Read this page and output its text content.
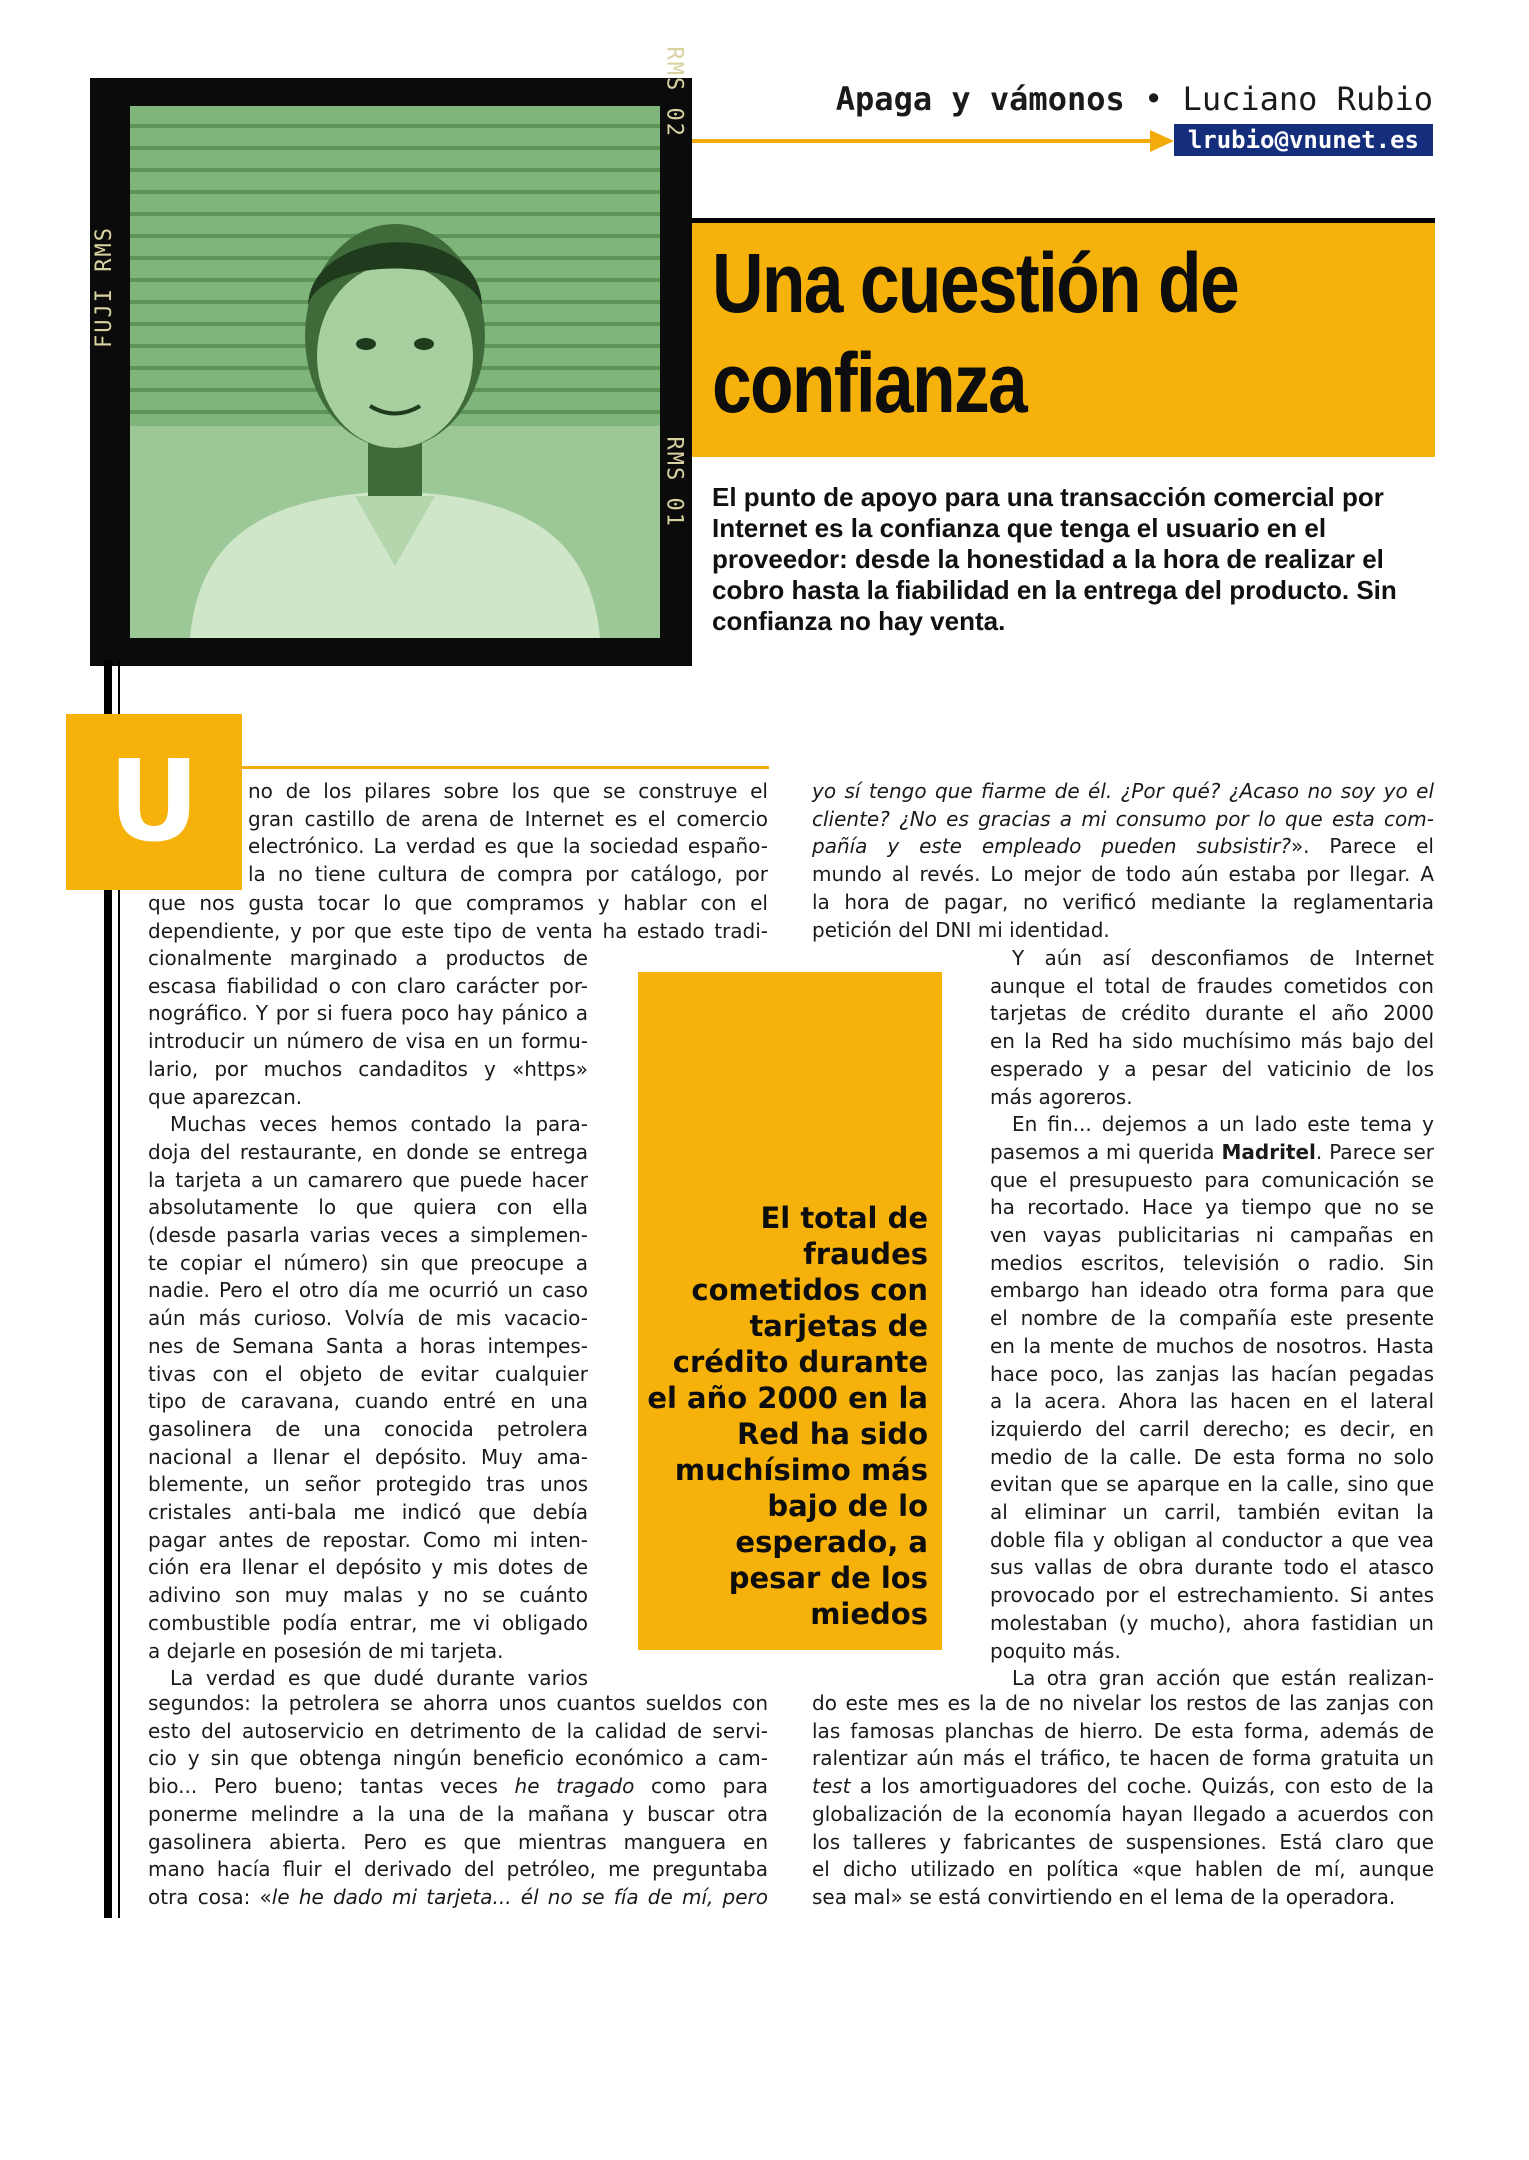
Apaga y vámonos • Luciano Rubio
lrubio@vnunet.es
RMS 02
FUJI RMS
RMS 01
Una cuestión de
confianza

El punto de apoyo para una transacción comercial por Internet es la confianza que tenga el usuario en el proveedor: desde la honestidad a la hora de realizar el cobro hasta la fiabilidad en la entrega del producto. Sin confianza no hay venta.

U	no de los pilares sobre los que se construye el
gran castillo de arena de Internet es el comercio
electrónico. La verdad es que la sociedad españo-
la no tiene cultura de compra por catálogo, por
que nos gusta tocar lo que compramos y hablar con el
dependiente, y por que este tipo de venta ha estado tradi-
cionalmente marginado a productos de
escasa fiabilidad o con claro carácter por-
nográfico. Y por si fuera poco hay pánico a
introducir un número de visa en un formu-
lario, por muchos candaditos y «https»
que aparezcan.
Muchas veces hemos contado la para-
doja del restaurante, en donde se entrega
la tarjeta a un camarero que puede hacer
absolutamente lo que quiera con ella
(desde pasarla varias veces a simplemen-
te copiar el número) sin que preocupe a
nadie. Pero el otro día me ocurrió un caso
aún más curioso. Volvía de mis vacacio-
nes de Semana Santa a horas intempes-
tivas con el objeto de evitar cualquier
tipo de caravana, cuando entré en una
gasolinera de una conocida petrolera
nacional a llenar el depósito. Muy ama-
blemente, un señor protegido tras unos
cristales anti-bala me indicó que debía
pagar antes de repostar. Como mi inten-
ción era llenar el depósito y mis dotes de
adivino son muy malas y no se cuánto
combustible podía entrar, me vi obligado
a dejarle en posesión de mi tarjeta.
La verdad es que dudé durante varios
segundos: la petrolera se ahorra unos cuantos sueldos con
esto del autoservicio en detrimento de la calidad de servi-
cio y sin que obtenga ningún beneficio económico a cam-
bio... Pero bueno; tantas veces he tragado como para
ponerme melindre a la una de la mañana y buscar otra
gasolinera abierta. Pero es que mientras manguera en
mano hacía fluir el derivado del petróleo, me preguntaba
otra cosa: «le he dado mi tarjeta... él no se fía de mí, pero

El total de fraudes cometidos con tarjetas de crédito durante el año 2000 en la Red ha sido muchísimo más bajo de lo esperado, a pesar de los miedos

yo sí tengo que fiarme de él. ¿Por qué? ¿Acaso no soy yo el
cliente? ¿No es gracias a mi consumo por lo que esta com-
pañía y este empleado pueden subsistir?». Parece el
mundo al revés. Lo mejor de todo aún estaba por llegar. A
la hora de pagar, no verificó mediante la reglamentaria
petición del DNI mi identidad.
Y aún así desconfiamos de Internet
aunque el total de fraudes cometidos con
tarjetas de crédito durante el año 2000
en la Red ha sido muchísimo más bajo del
esperado y a pesar del vaticinio de los
más agoreros.
En fin... dejemos a un lado este tema y
pasemos a mi querida Madritel. Parece ser
que el presupuesto para comunicación se
ha recortado. Hace ya tiempo que no se
ven vayas publicitarias ni campañas en
medios escritos, televisión o radio. Sin
embargo han ideado otra forma para que
el nombre de la compañía este presente
en la mente de muchos de nosotros. Hasta
hace poco, las zanjas las hacían pegadas
a la acera. Ahora las hacen en el lateral
izquierdo del carril derecho; es decir, en
medio de la calle. De esta forma no solo
evitan que se aparque en la calle, sino que
al eliminar un carril, también evitan la
doble fila y obligan al conductor a que vea
sus vallas de obra durante todo el atasco
provocado por el estrechamiento. Si antes
molestaban (y mucho), ahora fastidian un
poquito más.
La otra gran acción que están realizan-
do este mes es la de no nivelar los restos de las zanjas con
las famosas planchas de hierro. De esta forma, además de
ralentizar aún más el tráfico, te hacen de forma gratuita un
test a los amortiguadores del coche. Quizás, con esto de la
globalización de la economía hayan llegado a acuerdos con
los talleres y fabricantes de suspensiones. Está claro que
el dicho utilizado en política «que hablen de mí, aunque
sea mal» se está convirtiendo en el lema de la operadora.
